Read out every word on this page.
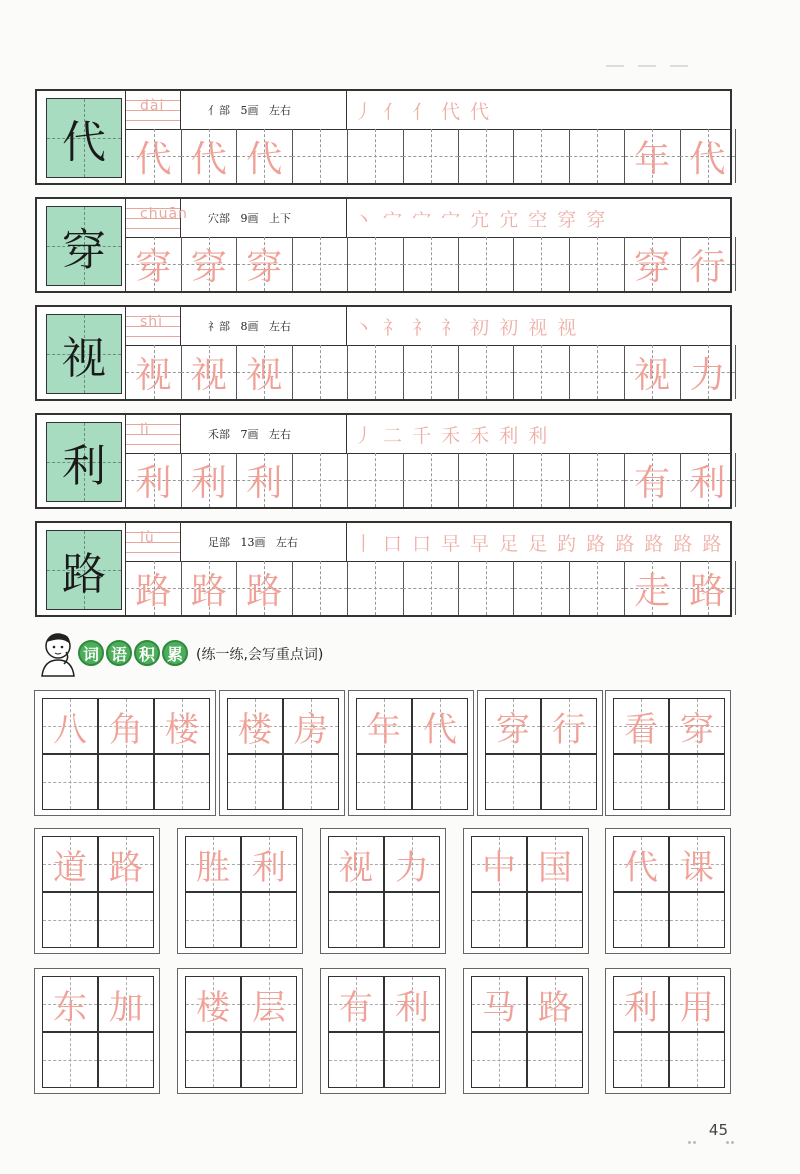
代
dài	亻部 5画 左右	丿 亻 亻 代 代
代 代 代	年 代
穿
chuān 穴部 9画 上下	丶 宀 宀 宀 宂 宂 空 穿 穿
穿 穿 穿	穿 行
视
shì	礻部 8画 左右	丶 礻 礻 礻 初 初 视 视
视 视 视	视 力
利
lì	禾部 7画 左右	丿 二 千 禾 禾 利 利
利 利 利	有 利
路
lù	足部 13画 左右	丨 口 口 早 早 足 足 趵 路 路 路 路 路
路 路 路	走 路
词 语 积 累 (练一练,会写重点词)
八 角 楼 楼 房 年 代 穿 行 看 穿
道 路 胜 利 视 力 中 国 代 课
东 加 楼 层 有 利 马 路 利 用
45
